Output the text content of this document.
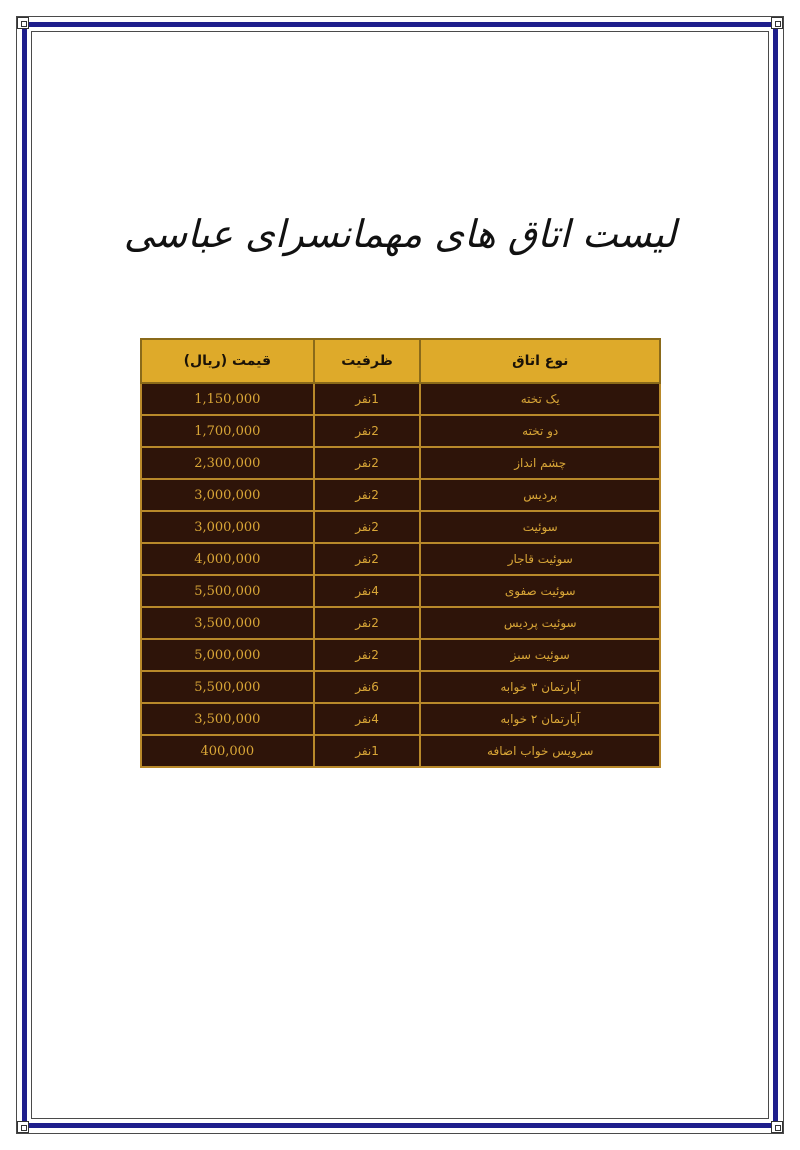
لیست اتاق های مهمانسرای عباسی
نوع اتاق	ظرفیت	قیمت (ریال)
یک تخته	1نفر	1,150,000
دو تخته	2نفر	1,700,000
چشم انداز	2نفر	2,300,000
پردیس	2نفر	3,000,000
سوئیت	2نفر	3,000,000
سوئیت قاجار	2نفر	4,000,000
سوئیت صفوی	4نفر	5,500,000
سوئیت پردیس	2نفر	3,500,000
سوئیت سبز	2نفر	5,000,000
آپارتمان ۳ خوابه	6نفر	5,500,000
آپارتمان ۲ خوابه	4نفر	3,500,000
سرویس خواب اضافه	1نفر	400,000
